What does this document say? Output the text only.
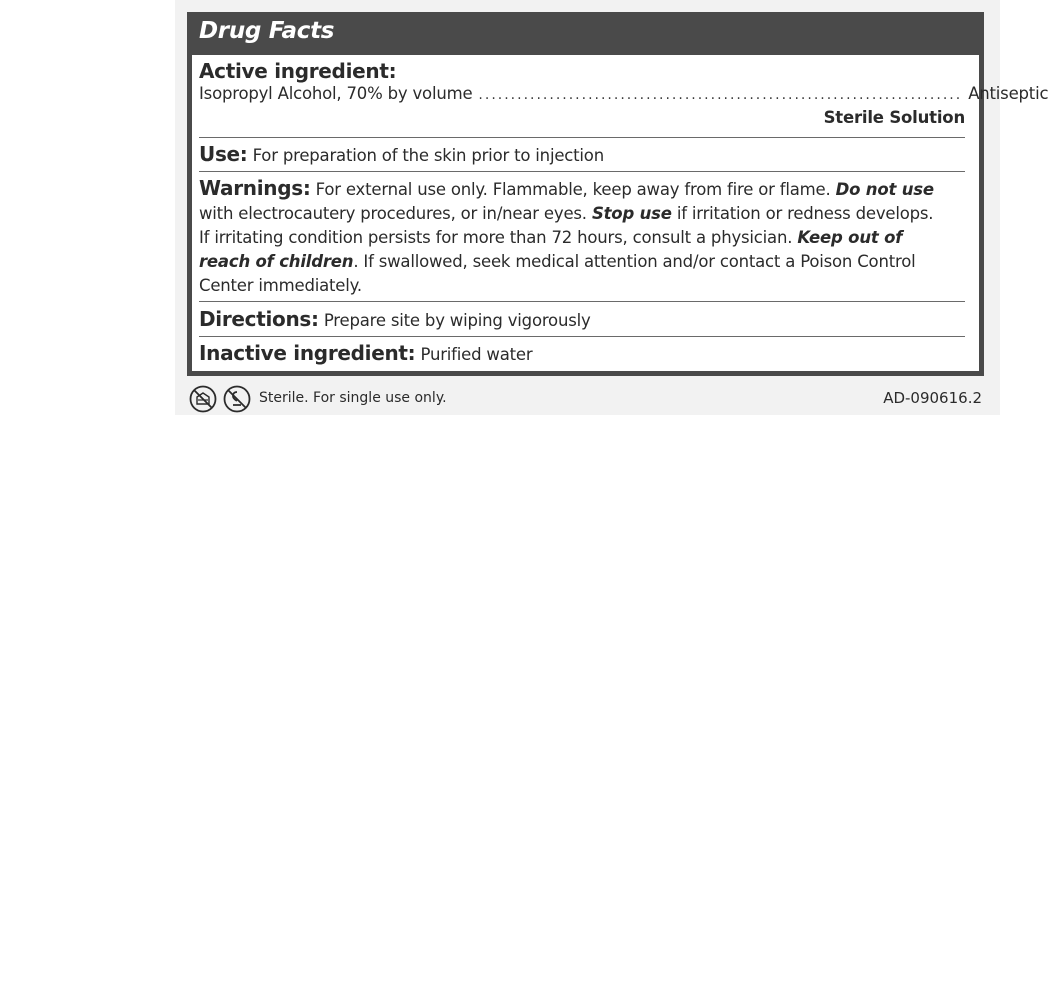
Drug Facts
Active ingredient:
Isopropyl Alcohol, 70% by volume ........................................................................... Antiseptic
Sterile Solution
Use: For preparation of the skin prior to injection
Warnings: For external use only. Flammable, keep away from fire or flame. Do not use
with electrocautery procedures, or in/near eyes. Stop use if irritation or redness develops.
If irritating condition persists for more than 72 hours, consult a physician. Keep out of
reach of children. If swallowed, seek medical attention and/or contact a Poison Control
Center immediately.
Directions: Prepare site by wiping vigorously
Inactive ingredient: Purified water
Sterile. For single use only.	AD-090616.2
